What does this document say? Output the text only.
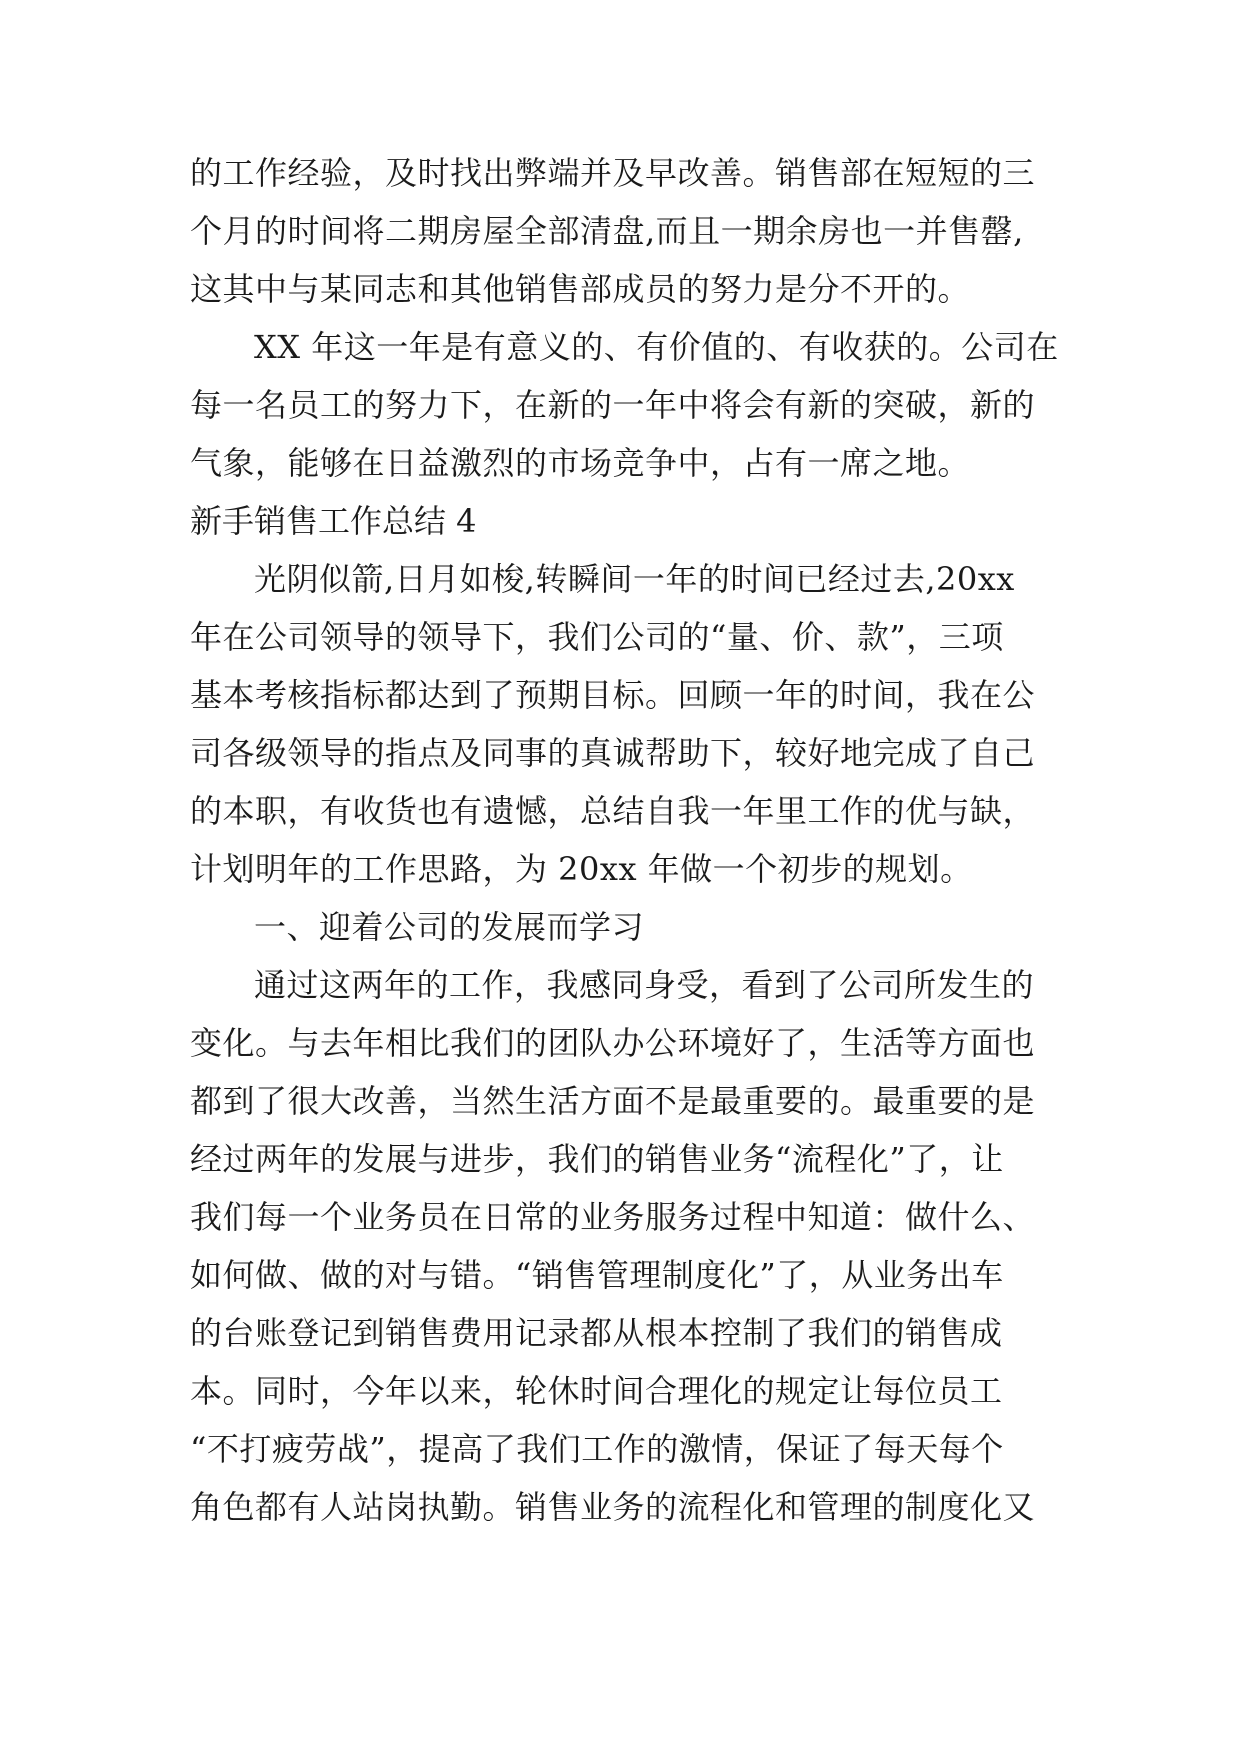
的工作经验，及时找出弊端并及早改善。销售部在短短的三
个月的时间将二期房屋全部清盘,而且一期余房也一并售罄,
这其中与某同志和其他销售部成员的努力是分不开的。
XX 年这一年是有意义的、有价值的、有收获的。公司在
每一名员工的努力下，在新的一年中将会有新的突破，新的
气象，能够在日益激烈的市场竞争中，占有一席之地。
新手销售工作总结 4
光阴似箭,日月如梭,转瞬间一年的时间已经过去,20xx
年在公司领导的领导下，我们公司的“量、价、款”，三项
基本考核指标都达到了预期目标。回顾一年的时间，我在公
司各级领导的指点及同事的真诚帮助下，较好地完成了自己
的本职，有收货也有遗憾，总结自我一年里工作的优与缺，
计划明年的工作思路，为 20xx 年做一个初步的规划。
一、迎着公司的发展而学习
通过这两年的工作，我感同身受，看到了公司所发生的
变化。与去年相比我们的团队办公环境好了，生活等方面也
都到了很大改善，当然生活方面不是最重要的。最重要的是
经过两年的发展与进步，我们的销售业务“流程化”了，让
我们每一个业务员在日常的业务服务过程中知道：做什么、
如何做、做的对与错。“销售管理制度化”了，从业务出车
的台账登记到销售费用记录都从根本控制了我们的销售成
本。同时，今年以来，轮休时间合理化的规定让每位员工
“不打疲劳战”，提高了我们工作的激情，保证了每天每个
角色都有人站岗执勤。销售业务的流程化和管理的制度化又
